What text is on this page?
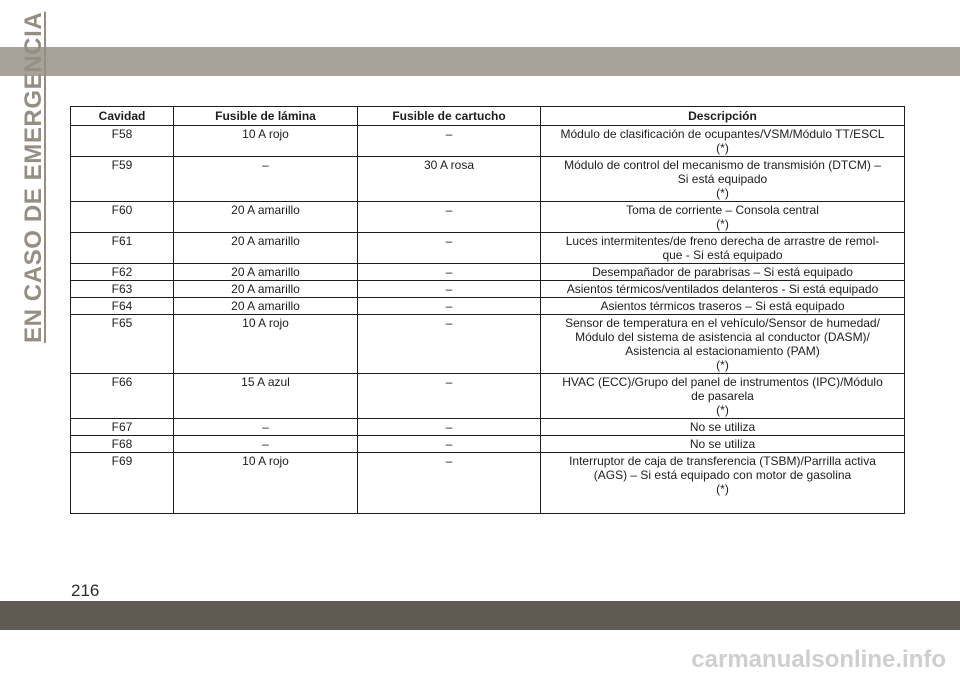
EN CASO DE EMERGENCIA	Cavidad	Fusible de lámina	Fusible de cartucho	Descripción
F58	10 A rojo	–	Módulo de clasificación de ocupantes/VSM/Módulo TT/ESCL
(*)
F59	–	30 A rosa	Módulo de control del mecanismo de transmisión (DTCM) –
Si está equipado
(*)
F60	20 A amarillo	–	Toma de corriente – Consola central
(*)
F61	20 A amarillo	–	Luces intermitentes/de freno derecha de arrastre de remol-
que - Si está equipado
F62	20 A amarillo	–	Desempañador de parabrisas – Si está equipado
F63	20 A amarillo	–	Asientos térmicos/ventilados delanteros - Si está equipado
F64	20 A amarillo	–	Asientos térmicos traseros – Si está equipado
F65	10 A rojo	–	Sensor de temperatura en el vehículo/Sensor de humedad/
Módulo del sistema de asistencia al conductor (DASM)/
Asistencia al estacionamiento (PAM)
(*)
F66	15 A azul	–	HVAC (ECC)/Grupo del panel de instrumentos (IPC)/Módulo
de pasarela
(*)
F67	–	–	No se utiliza
F68	–	–	No se utiliza
F69	10 A rojo	–	Interruptor de caja de transferencia (TSBM)/Parrilla activa
(AGS) – Si está equipado con motor de gasolina
(*)
216
carmanualsonline.info
